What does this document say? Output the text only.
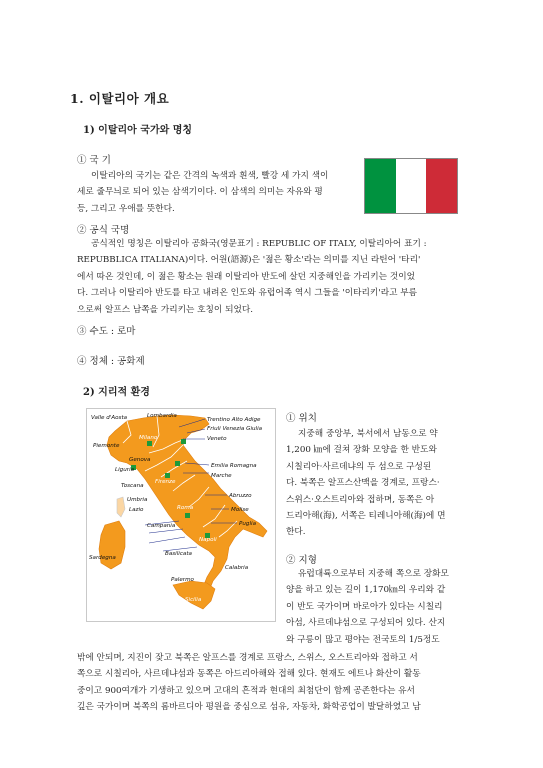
1. 이탈리아 개요
1) 이탈리아 국가와 명칭
① 국 기
이탈리아의 국기는 같은 간격의 녹색과 흰색, 빨강 세 가지 색이
세로 줄무늬로 되어 있는 삼색기이다. 이 삼색의 의미는 자유와 평
등, 그리고 우애를 뜻한다.
② 공식 국명
공식적인 명칭은 이탈리아 공화국(영문표기 : REPUBLIC OF ITALY, 이탈리아어 표기 :
REPUBBLICA ITALIANA)이다. 어원(語源)은 '젊은 황소'라는 의미를 지닌 라틴어 '타리'
에서 따온 것인데, 이 젊은 황소는 원래 이탈리아 반도에 살던 지중해인을 가리키는 것이었
다. 그러나 이탈리아 반도를 타고 내려온 인도와 유럽어족 역시 그들을 '이타리키'라고 부름
으로써 알프스 남쪽을 가리키는 호칭이 되었다.
③ 수도 : 로마
④ 정체 : 공화제
2) 지리적 환경
Valle d'Aosta	Lombardia
Trentino Alto Adige
Friuli Venezia Giulia
Veneto
Piemonte
Milano
Genova
Liguria
Emilia Romagna
Toscana
Firenze
Marche
Umbria
Lazio	Roma
Abruzzo
Molise
Campania
Napoli
Puglia
Basilicata
Calabria
Sardegna
Palermo
Sicilia
① 위치
지중해 중앙부, 북서에서 남동으로 약
1,200 ㎞에 걸쳐 장화 모양을 한 반도와
시칠리아·사르데냐의 두 섬으로 구성된
다. 북쪽은 알프스산맥을 경계로, 프랑스·
스위스·오스트리아와 접하며, 동쪽은 아
드리아해(海), 서쪽은 티레니아해(海)에 면
한다.
② 지형
유럽대륙으로부터 지중해 쪽으로 장화모
양을 하고 있는 길이 1,170㎞의 우리와 같
이 반도 국가이며 바로아가 있다는 시칠리
아섬, 사르데냐섬으로 구성되어 있다. 산지
와 구릉이 많고 평야는 전국토의 1/5정도
밖에 안되며, 지진이 잦고 북쪽은 알프스를 경계로 프랑스, 스위스, 오스트리아와 접하고 서
쪽으로 시칠리아, 사르데냐섬과 동쪽은 아드리아해와 접해 있다. 현재도 에트나 화산이 활동
중이고 900여개가 기생하고 있으며 고대의 흔적과 현대의 최첨단이 함께 공존한다는 유서
깊은 국가이며 북쪽의 롬바르디아 평원을 중심으로 섬유, 자동차, 화학공업이 발달하였고 남
